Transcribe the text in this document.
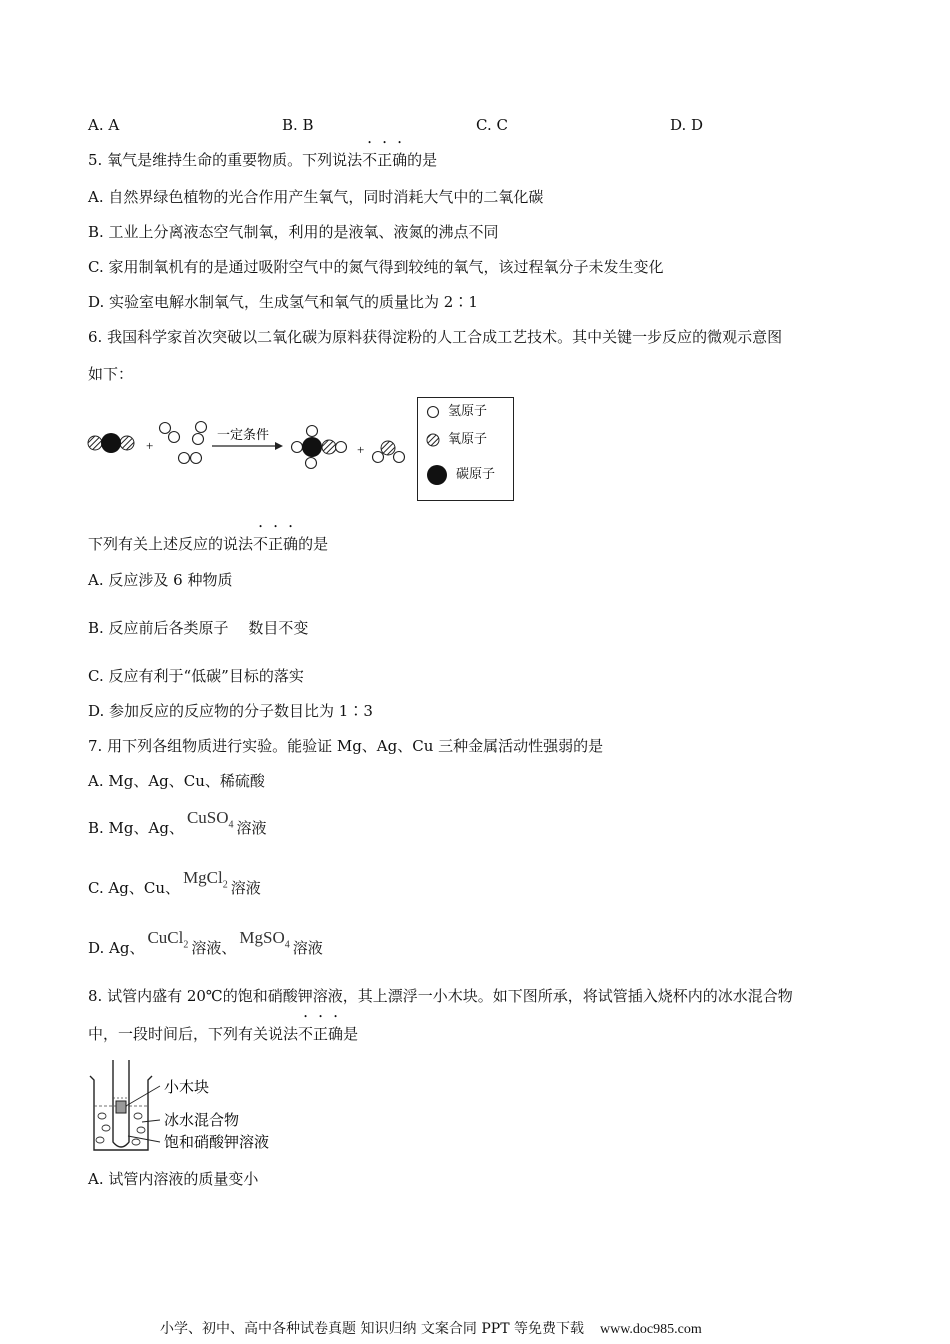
A. A	B. B	C. C	D. D
5. 氧气是维持生命的重要物质。下列说法不正确的是
A. 自然界绿色植物的光合作用产生氧气，同时消耗大气中的二氧化碳
B. 工业上分离液态空气制氧，利用的是液氧、液氮的沸点不同
C. 家用制氧机有的是通过吸附空气中的氮气得到较纯的氧气，该过程氧分子未发生变化
D. 实验室电解水制氧气，生成氢气和氧气的质量比为 2∶1
6. 我国科学家首次突破以二氧化碳为原料获得淀粉的人工合成工艺技术。其中关键一步反应的微观示意图
如下：
+
一定条件
+
氢原子
氧原子
碳原子
下列有关上述反应的说法不正确的是
A. 反应涉及 6 种物质
B. 反应前后各类原子　 数目不变
C. 反应有利于“低碳”目标的落实
D. 参加反应的反应物的分子数目比为 1∶3
7. 用下列各组物质进行实验。能验证 Mg、Ag、Cu 三种金属活动性强弱的是
A. Mg、Ag、Cu、稀硫酸
B. Mg、Ag、CuSO$_4$ 溶液
C. Ag、Cu、MgCl$_2$ 溶液
D. Ag、CuCl$_2$ 溶液、MgSO$_4$ 溶液
8. 试管内盛有 20℃的饱和硝酸钾溶液，其上漂浮一小木块。如下图所承，将试管插入烧杯内的冰水混合物
中，一段时间后，下列有关说法不正确是
小木块
冰水混合物
饱和硝酸钾溶液
A. 试管内溶液的质量变小
小学、初中、高中各种试卷真题 知识归纳 文案合同 PPT 等免费下载 www.doc985.com
